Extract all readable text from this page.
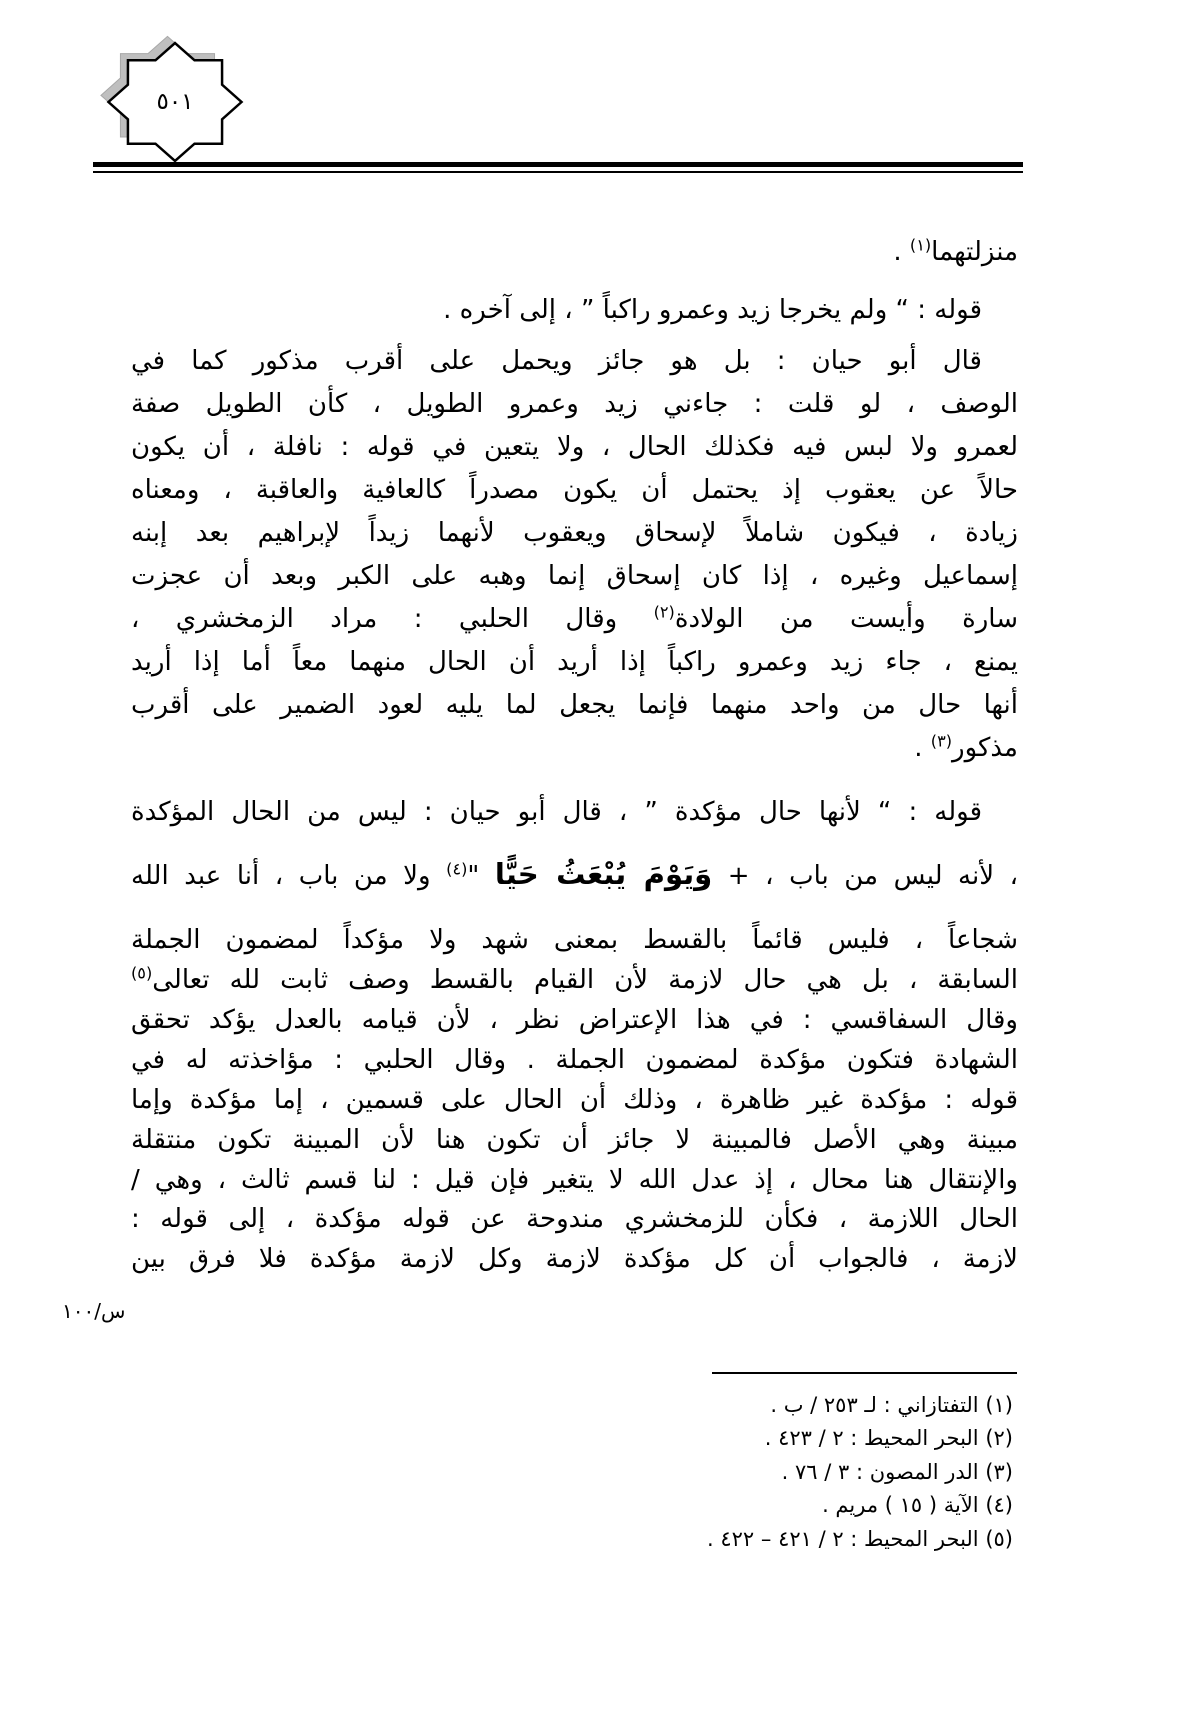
٥٠١
منزلتهما$^{(١)}$ .
قوله : “ ولم يخرجا زيد وعمرو راكباً ” ، إلى آخره .
قال أبو حيان : بل هو جائز ويحمل على أقرب مذكور كما في
الوصف ، لو قلت : جاءني زيد وعمرو الطويل ، كأن الطويل صفة
لعمرو ولا لبس فيه فكذلك الحال ، ولا يتعين في قوله : نافلة ، أن يكون
حالاً عن يعقوب إذ يحتمل أن يكون مصدراً كالعافية والعاقبة ، ومعناه
زيادة ، فيكون شاملاً لإسحاق ويعقوب لأنهما زيداً لإبراهيم بعد إبنه
إسماعيل وغيره ، إذا كان إسحاق إنما وهبه على الكبر وبعد أن عجزت
سارة وأيست من الولادة$^{(٢)}$ وقال الحلبي : مراد الزمخشري ،
يمنع ، جاء زيد وعمرو راكباً إذا أريد أن الحال منهما معاً أما إذا أريد
أنها حال من واحد منهما فإنما يجعل لما يليه لعود الضمير على أقرب
مذكور$^{(٣)}$ .
قوله : “ لأنها حال مؤكدة ” ، قال أبو حيان : ليس من الحال المؤكدة
، لأنه ليس من باب ، + وَيَوْمَ يُبْعَثُ حَيًّا "$^{(٤)}$ ولا من باب ، أنا عبد الله
شجاعاً ، فليس قائماً بالقسط بمعنى شهد ولا مؤكداً لمضمون الجملة
السابقة ، بل هي حال لازمة لأن القيام بالقسط وصف ثابت لله تعالى$^{(٥)}$
وقال السفاقسي : في هذا الإعتراض نظر ، لأن قيامه بالعدل يؤكد تحقق
الشهادة فتكون مؤكدة لمضمون الجملة . وقال الحلبي : مؤاخذته له في
قوله : مؤكدة غير ظاهرة ، وذلك أن الحال على قسمين ، إما مؤكدة وإما
مبينة وهي الأصل فالمبينة لا جائز أن تكون هنا لأن المبينة تكون منتقلة
والإنتقال هنا محال ، إذ عدل الله لا يتغير فإن قيل : لنا قسم ثالث ، وهي /
الحال اللازمة ، فكأن للزمخشري مندوحة عن قوله مؤكدة ، إلى قوله :
لازمة ، فالجواب أن كل مؤكدة لازمة وكل لازمة مؤكدة فلا فرق بين
١٠٠/س
(١) التفتازاني : لـ ٢٥٣ / ب .
(٢) البحر المحيط : ٢ / ٤٢٣ .
(٣) الدر المصون : ٣ / ٧٦ .
(٤) الآية ( ١٥ ) مريم .
(٥) البحر المحيط : ٢ / ٤٢١ – ٤٢٢ .
